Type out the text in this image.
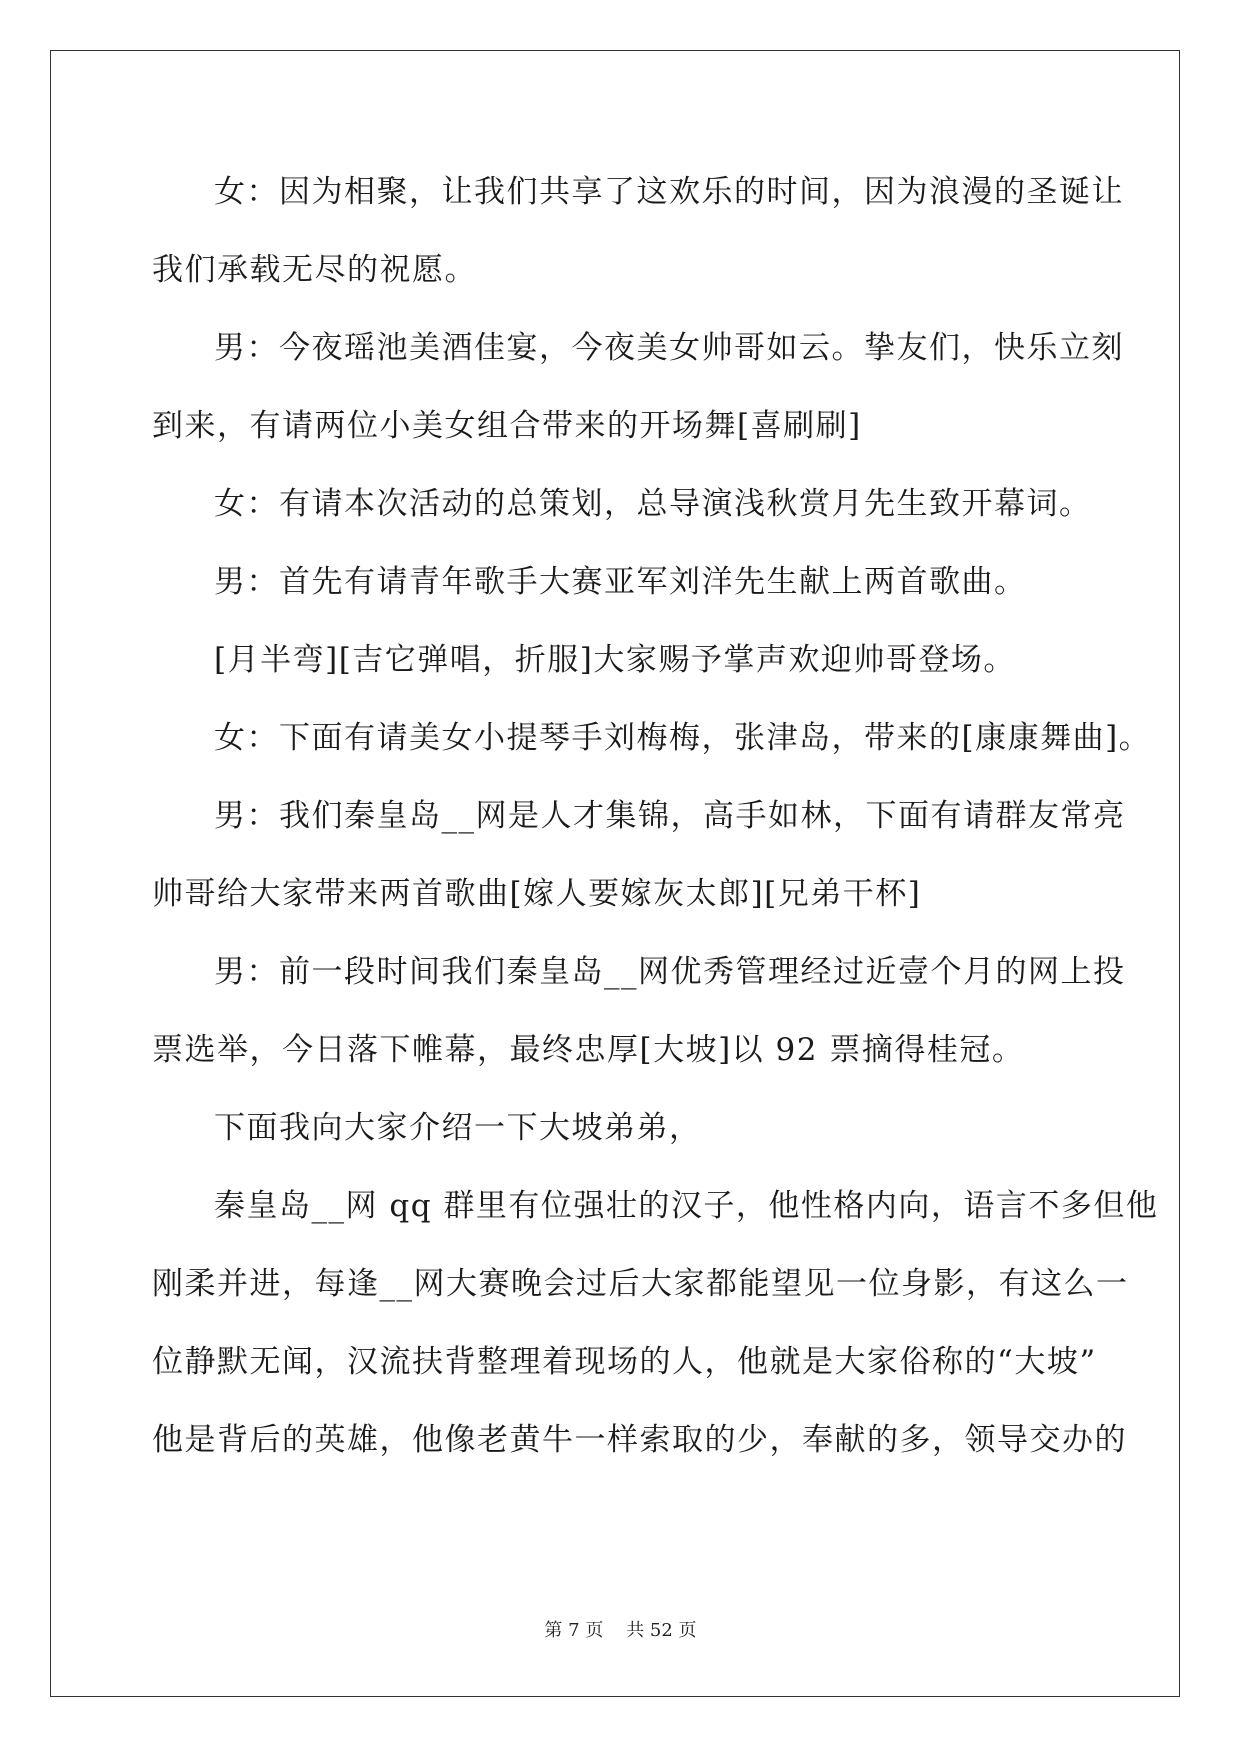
女：因为相聚，让我们共享了这欢乐的时间，因为浪漫的圣诞让
我们承载无尽的祝愿。
男：今夜瑶池美酒佳宴，今夜美女帅哥如云。挚友们，快乐立刻
到来，有请两位小美女组合带来的开场舞[喜刷刷]
女：有请本次活动的总策划，总导演浅秋赏月先生致开幕词。
男：首先有请青年歌手大赛亚军刘洋先生献上两首歌曲。
[月半弯][吉它弹唱，折服]大家赐予掌声欢迎帅哥登场。
女：下面有请美女小提琴手刘梅梅，张津岛，带来的[康康舞曲]。
男：我们秦皇岛__网是人才集锦，高手如林，下面有请群友常亮
帅哥给大家带来两首歌曲[嫁人要嫁灰太郎][兄弟干杯]
男：前一段时间我们秦皇岛__网优秀管理经过近壹个月的网上投
票选举，今日落下帷幕，最终忠厚[大坡]以 92 票摘得桂冠。
下面我向大家介绍一下大坡弟弟，
秦皇岛__网 qq 群里有位强壮的汉子，他性格内向，语言不多但他
刚柔并进，每逢__网大赛晚会过后大家都能望见一位身影，有这么一
位静默无闻，汉流扶背整理着现场的人，他就是大家俗称的“大坡”
他是背后的英雄，他像老黄牛一样索取的少，奉献的多，领导交办的
第 7 页    共 52 页
